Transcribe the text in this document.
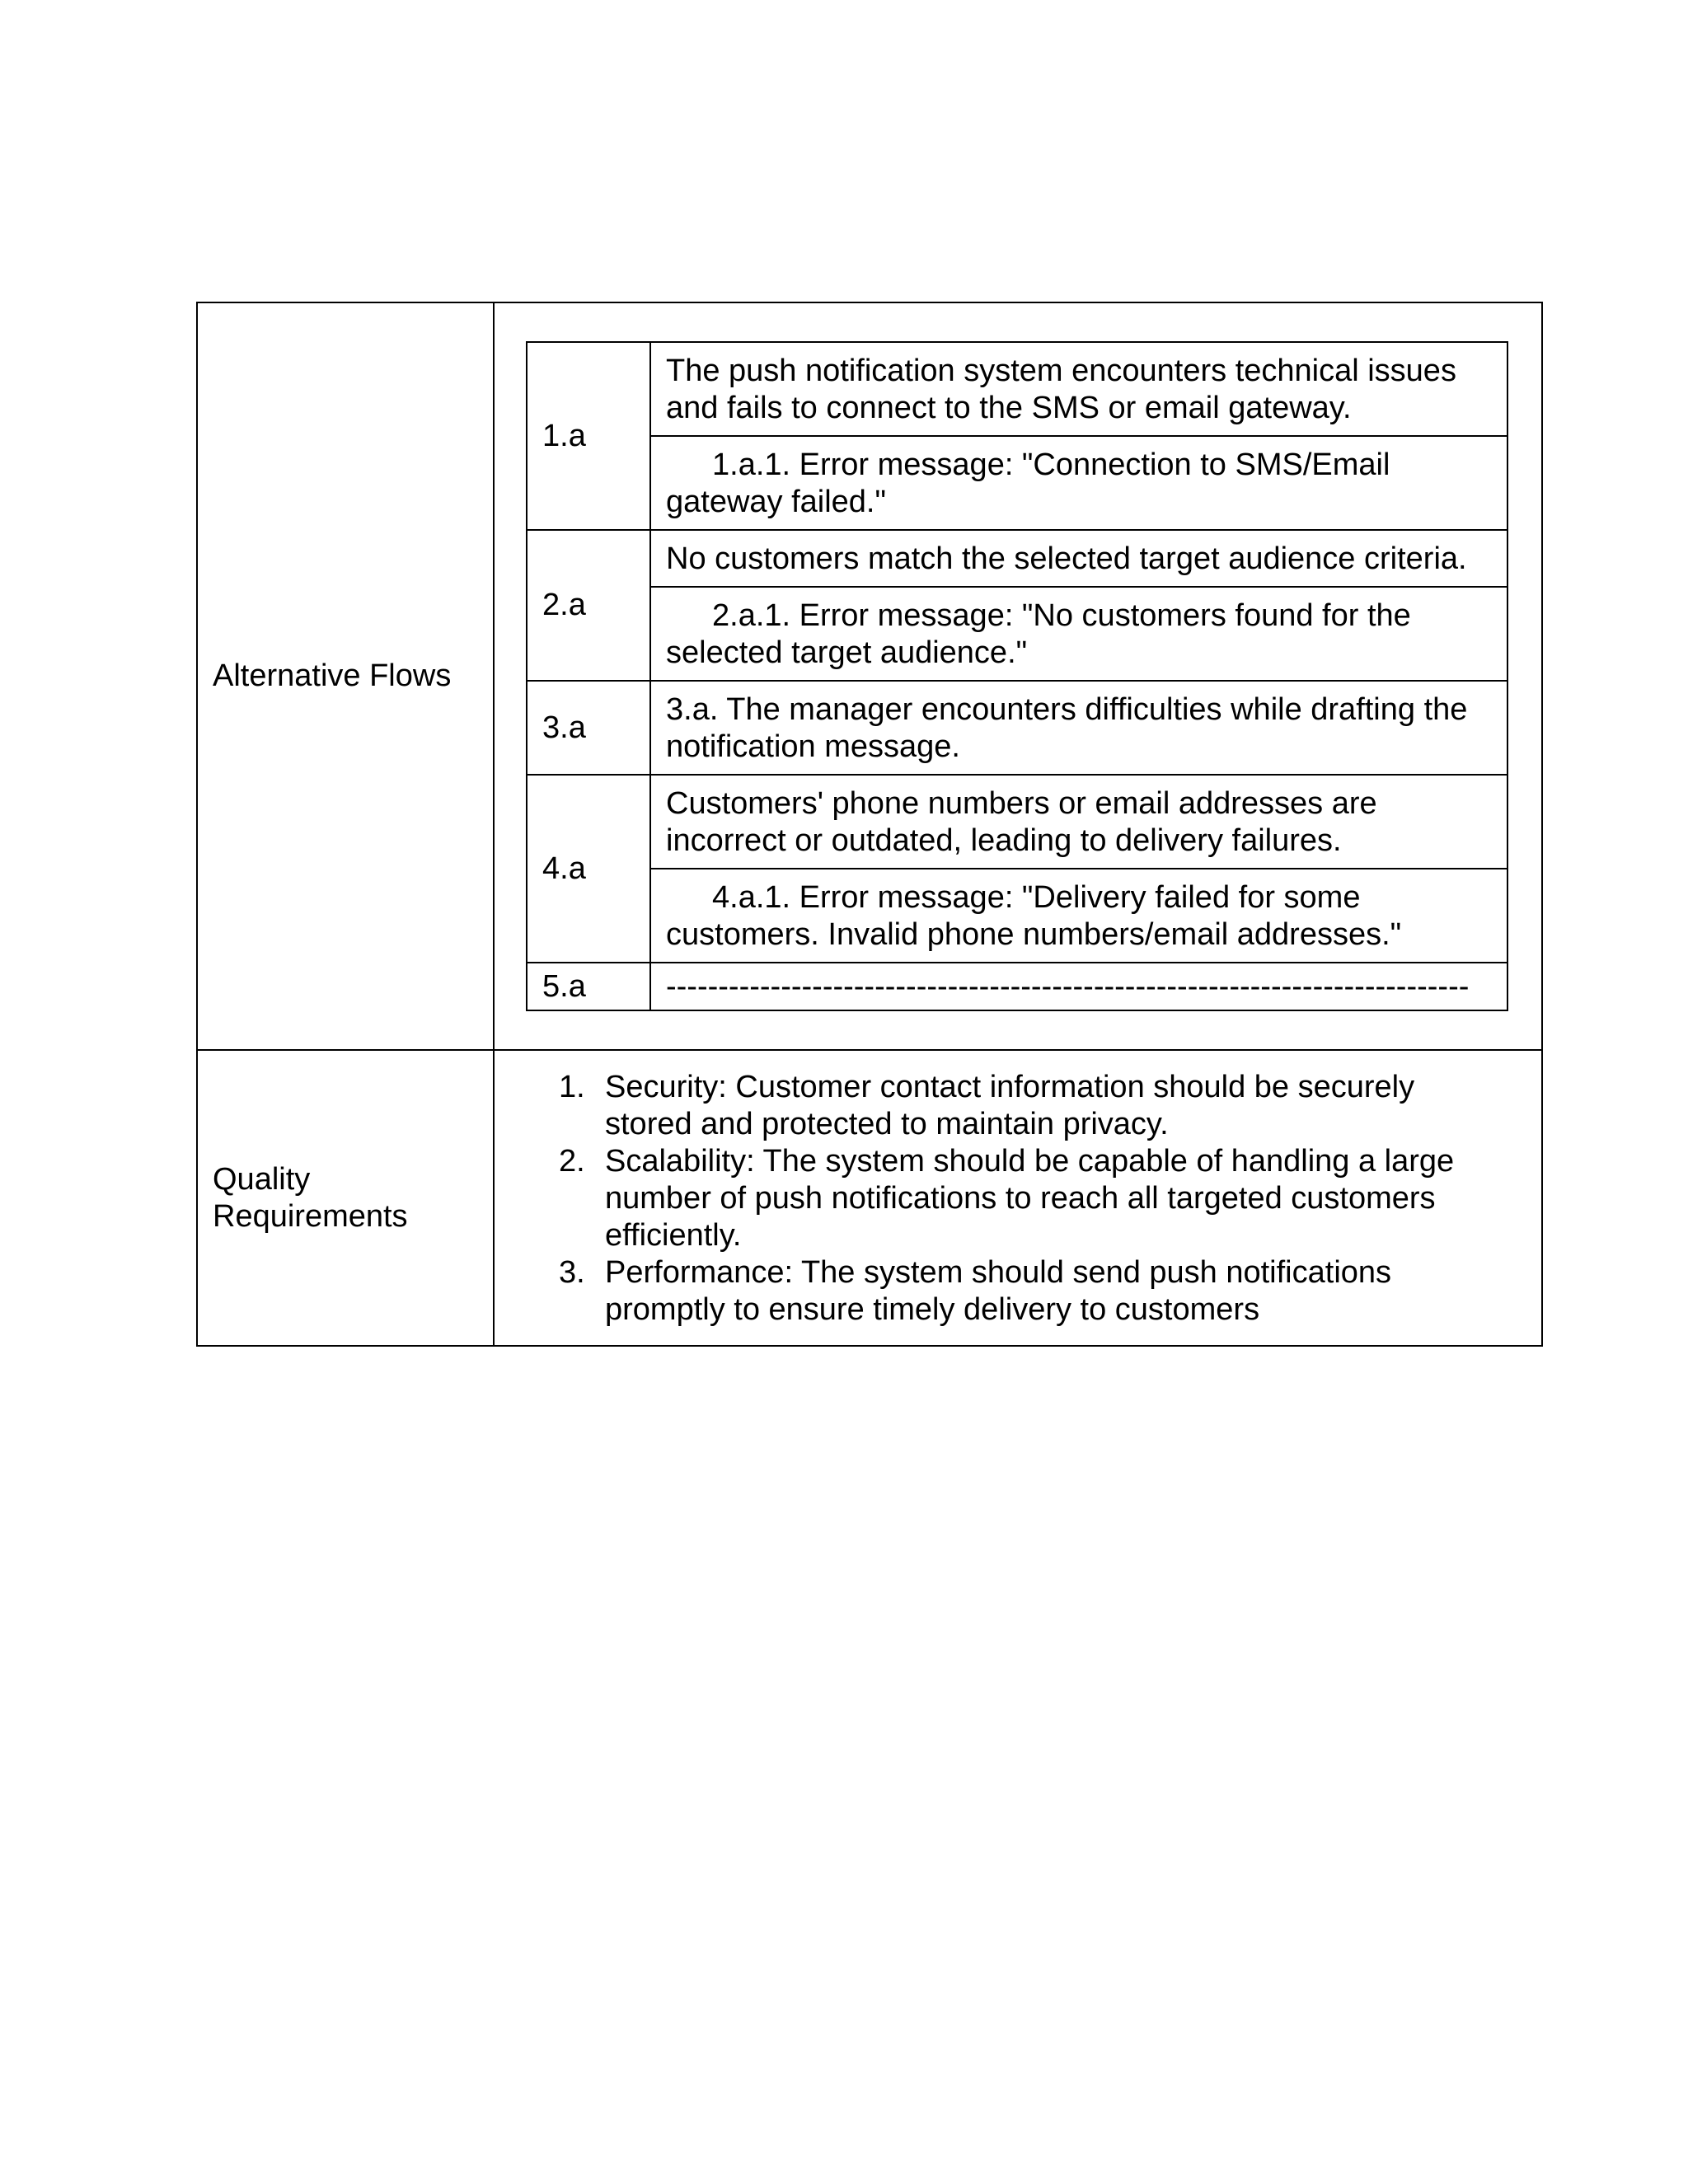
Alternative Flows	
1.a	The push notification system encounters technical issues and fails to connect to the SMS or email gateway.
1.a.1. Error message: "Connection to SMS/Email gateway failed."
2.a	No customers match the selected target audience criteria.
2.a.1. Error message: "No customers found for the selected target audience."
3.a	3.a. The manager encounters difficulties while drafting the notification message.
4.a	Customers' phone numbers or email addresses are incorrect or outdated, leading to delivery failures.
4.a.1. Error message: "Delivery failed for some customers. Invalid phone numbers/email addresses."
5.a	-----------------------------------------------------------------------------

Quality Requirements	
1. Security: Customer contact information should be securely stored and protected to maintain privacy.
2. Scalability: The system should be capable of handling a large number of push notifications to reach all targeted customers efficiently.
3. Performance: The system should send push notifications promptly to ensure timely delivery to customers
